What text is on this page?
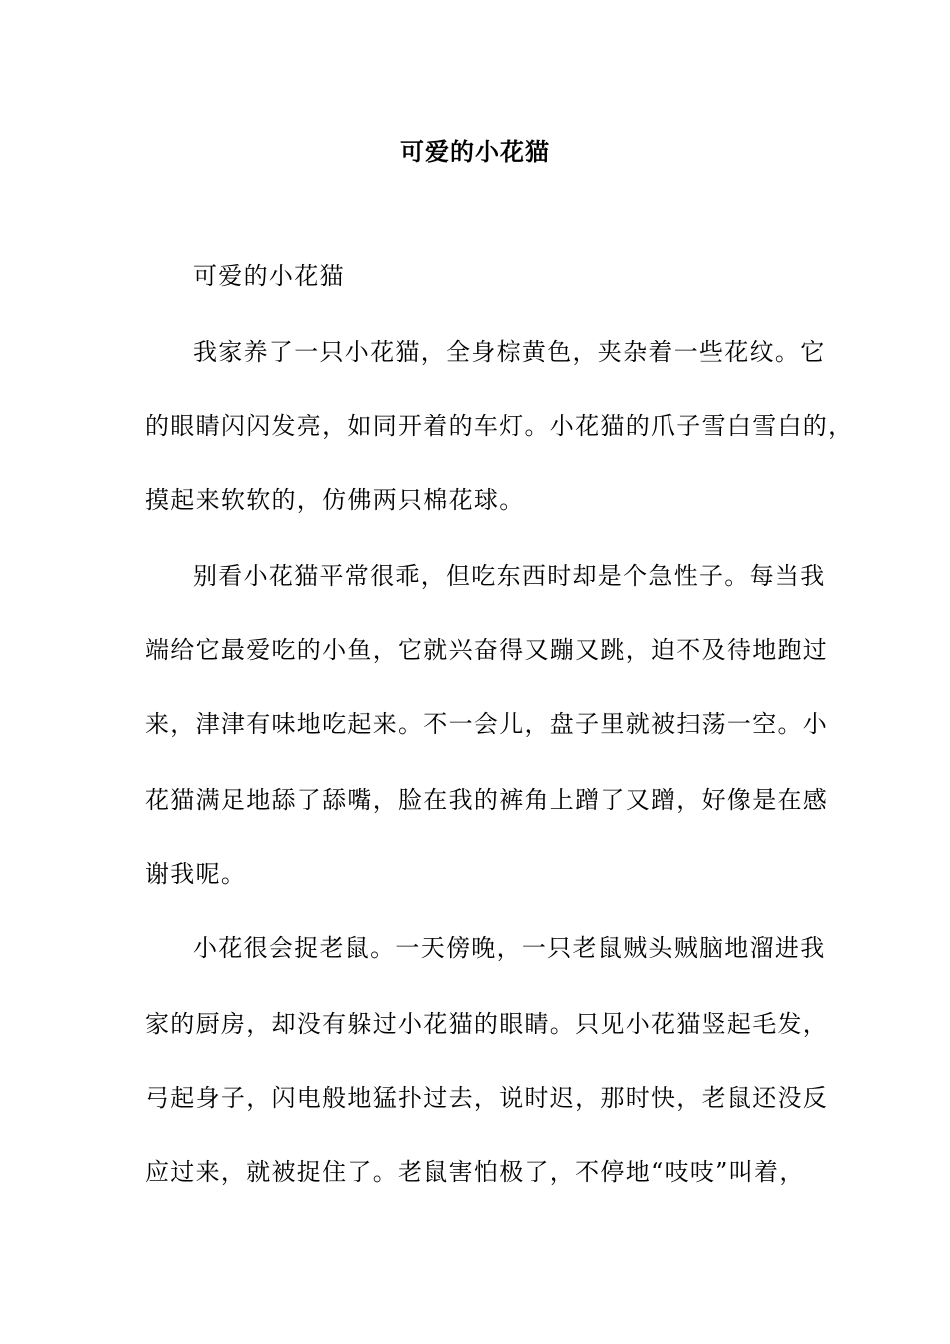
可爱的小花猫
可爱的小花猫
我家养了一只小花猫，全身棕黄色，夹杂着一些花纹。它
的眼睛闪闪发亮，如同开着的车灯。小花猫的爪子雪白雪白的，
摸起来软软的，仿佛两只棉花球。
别看小花猫平常很乖，但吃东西时却是个急性子。每当我
端给它最爱吃的小鱼，它就兴奋得又蹦又跳，迫不及待地跑过
来，津津有味地吃起来。不一会儿，盘子里就被扫荡一空。小
花猫满足地舔了舔嘴，脸在我的裤角上蹭了又蹭，好像是在感
谢我呢。
小花很会捉老鼠。一天傍晚，一只老鼠贼头贼脑地溜进我
家的厨房，却没有躲过小花猫的眼睛。只见小花猫竖起毛发，
弓起身子，闪电般地猛扑过去，说时迟，那时快，老鼠还没反
应过来，就被捉住了。老鼠害怕极了，不停地“吱吱”叫着，
